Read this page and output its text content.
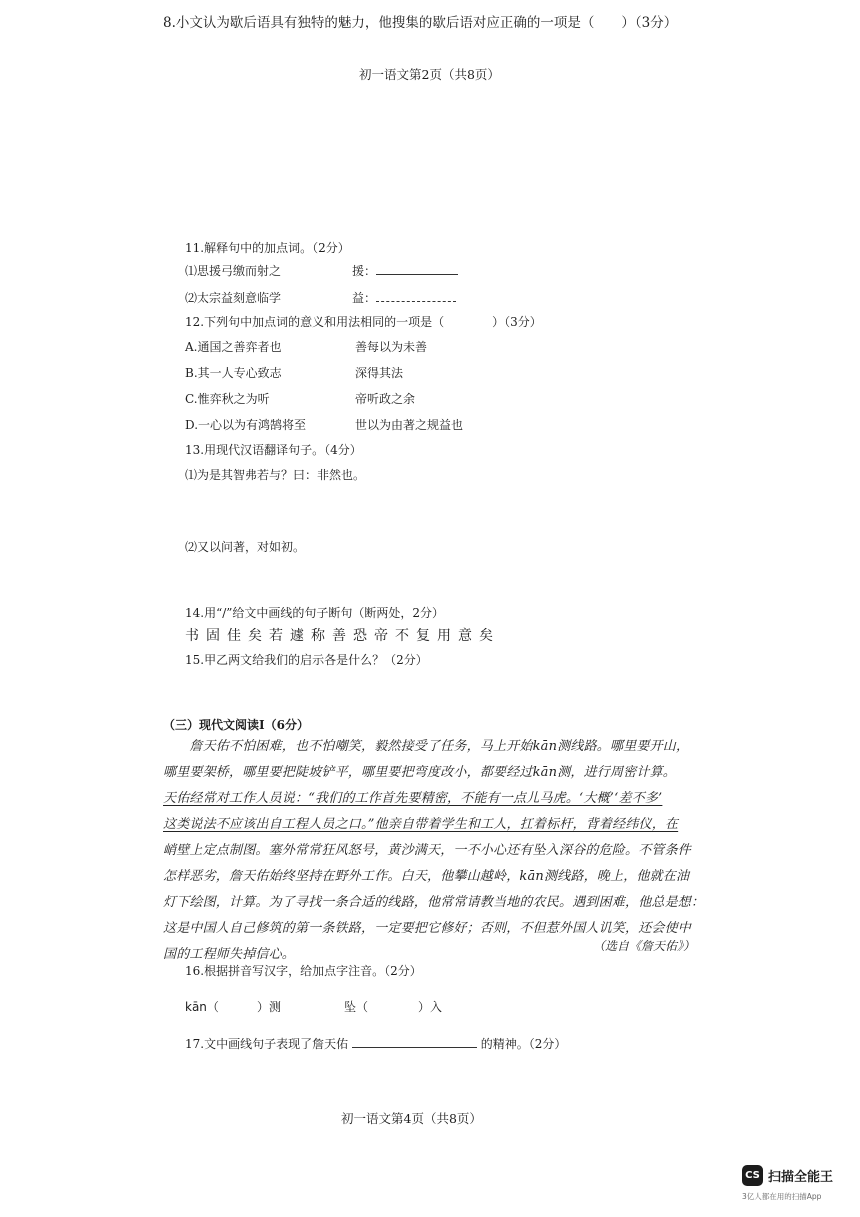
8.小文认为歇后语具有独特的魅力，他搜集的歇后语对应正确的一项是（　　）（3分）
初一语文第2页（共8页）
11.解释句中的加点词。（2分）
⑴思援弓缴而射之	援：
⑵太宗益刻意临学	益：
12.下列句中加点词的意义和用法相同的一项是（　　　　）（3分）
A.通国之善弈者也	善每以为未善
B.其一人专心致志	深得其法
C.惟弈秋之为听	帝听政之余
D.一心以为有鸿鹄将至	世以为由著之规益也
13.用现代汉语翻译句子。（4分）
⑴为是其智弗若与？曰：非然也。
⑵又以问著，对如初。
14.用“/”给文中画线的句子断句（断两处，2分）
书固佳矣若遽称善恐帝不复用意矣
15.甲乙两文给我们的启示各是什么？（2分）
（三）现代文阅读Ⅰ（6分）
　　詹天佑不怕困难，也不怕嘲笑，毅然接受了任务，马上开始kān测线路。哪里要开山，
哪里要架桥，哪里要把陡坡铲平，哪里要把弯度改小，都要经过kān测，进行周密计算。
天佑经常对工作人员说：“我们的工作首先要精密，不能有一点儿马虎。‘大概’‘差不多’
这类说法不应该出自工程人员之口。”他亲自带着学生和工人，扛着标杆，背着经纬仪，在
峭壁上定点制图。塞外常常狂风怒号，黄沙满天，一不小心还有坠入深谷的危险。不管条件
怎样恶劣，詹天佑始终坚持在野外工作。白天，他攀山越岭，kān测线路，晚上，他就在油
灯下绘图，计算。为了寻找一条合适的线路，他常常请教当地的农民。遇到困难，他总是想：
这是中国人自己修筑的第一条铁路，一定要把它修好；否则，不但惹外国人讥笑，还会使中
国的工程师失掉信心。
（选自《詹天佑》）
16.根据拼音写汉字，给加点字注音。（2分）
kān（	）测	坠（	）入
17.文中画线句子表现了詹天佑	的精神。（2分）
初一语文第4页（共8页）
CS 扫描全能王
3亿人都在用的扫描App
